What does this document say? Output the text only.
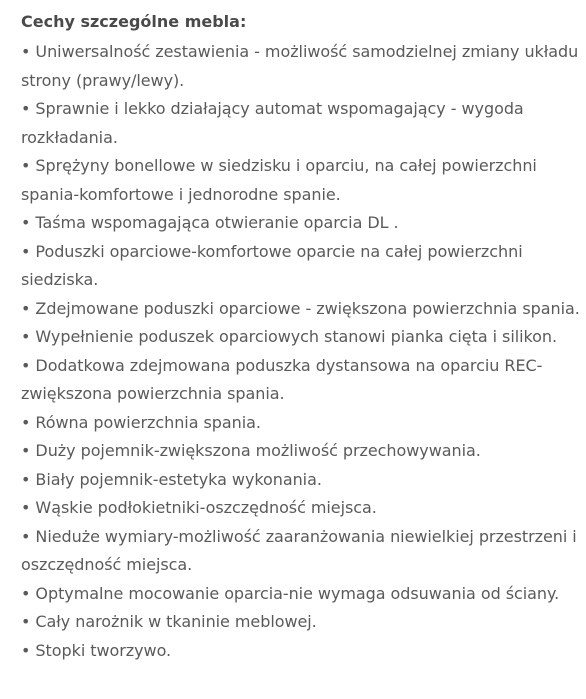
Cechy szczególne mebla:

• Uniwersalność zestawienia - możliwość samodzielnej zmiany układu strony (prawy/lewy).
• Sprawnie i lekko działający automat wspomagający - wygoda rozkładania.
• Sprężyny bonellowe w siedzisku i oparciu, na całej powierzchni spania-komfortowe i jednorodne spanie.
• Taśma wspomagająca otwieranie oparcia DL .
• Poduszki oparciowe-komfortowe oparcie na całej powierzchni siedziska.
• Zdejmowane poduszki oparciowe - zwiększona powierzchnia spania.
• Wypełnienie poduszek oparciowych stanowi pianka cięta i silikon.
• Dodatkowa zdejmowana poduszka dystansowa na oparciu REC- zwiększona powierzchnia spania.
• Równa powierzchnia spania.
• Duży pojemnik-zwiększona możliwość przechowywania.
• Biały pojemnik-estetyka wykonania.
• Wąskie podłokietniki-oszczędność miejsca.
• Nieduże wymiary-możliwość zaaranżowania niewielkiej przestrzeni i oszczędność miejsca.
• Optymalne mocowanie oparcia-nie wymaga odsuwania od ściany.
• Cały narożnik w tkaninie meblowej.
• Stopki tworzywo.
